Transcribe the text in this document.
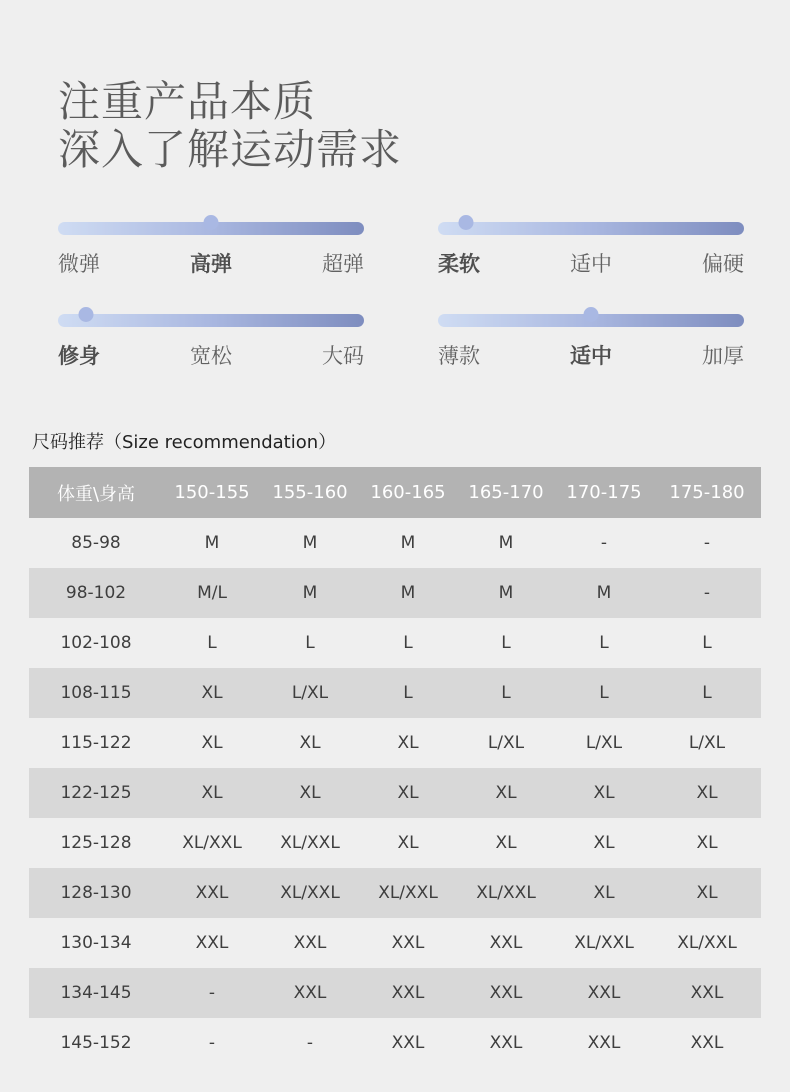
注重产品本质
深入了解运动需求
微弹	高弹	超弹	柔软	适中	偏硬
修身	宽松	大码	薄款	适中	加厚
尺码推荐（Size recommendation）
体重\身高	150-155	155-160	160-165	165-170	170-175	175-180
85-98	M	M	M	M	-	-
98-102	M/L	M	M	M	M	-
102-108	L	L	L	L	L	L
108-115	XL	L/XL	L	L	L	L
115-122	XL	XL	XL	L/XL	L/XL	L/XL
122-125	XL	XL	XL	XL	XL	XL
125-128	XL/XXL	XL/XXL	XL	XL	XL	XL
128-130	XXL	XL/XXL	XL/XXL	XL/XXL	XL	XL
130-134	XXL	XXL	XXL	XXL	XL/XXL	XL/XXL
134-145	-	XXL	XXL	XXL	XXL	XXL
145-152	-	-	XXL	XXL	XXL	XXL
